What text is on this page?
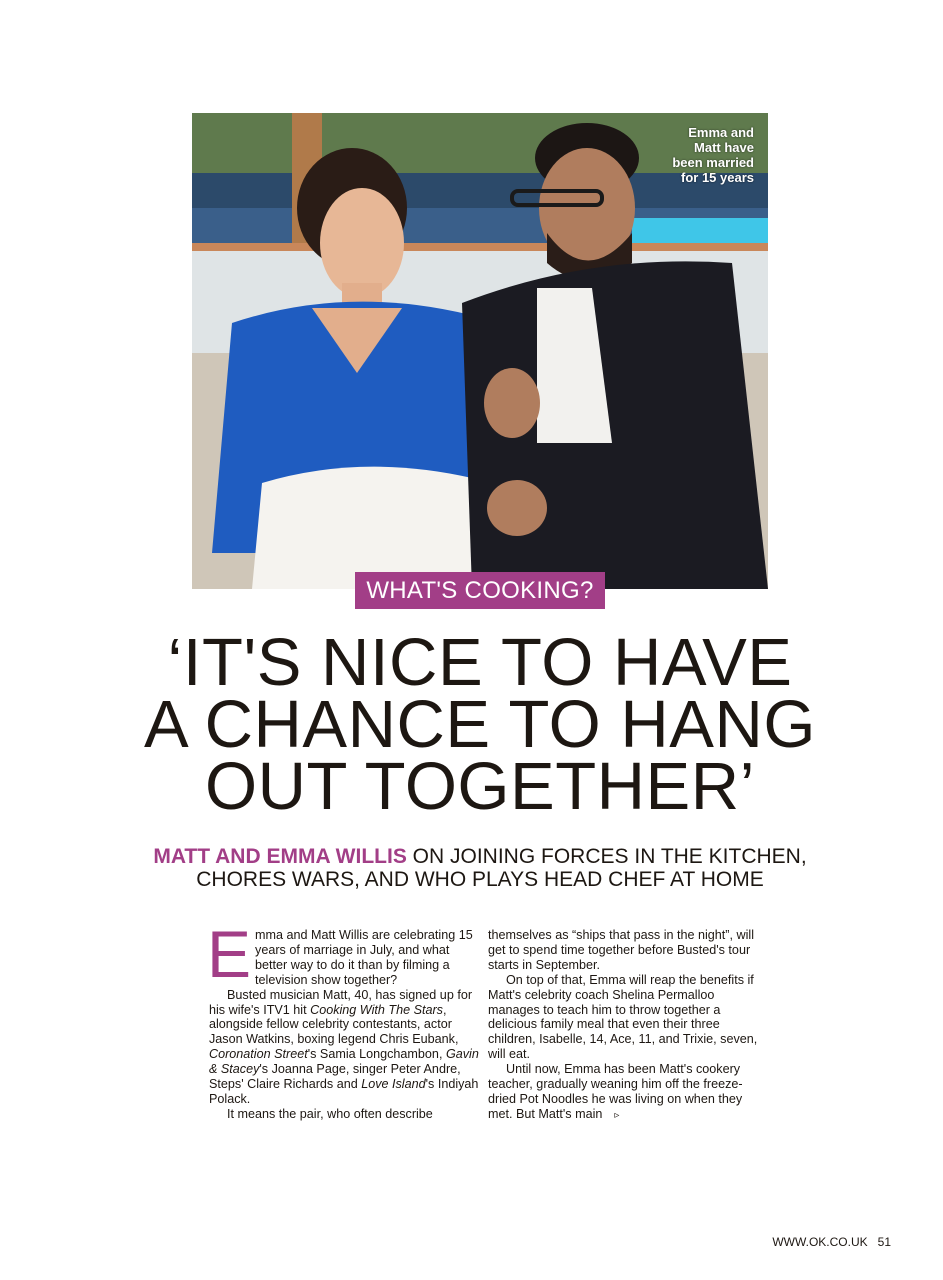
Emma and
Matt have
been married
for 15 years
WHAT'S COOKING?
‘IT'S NICE TO HAVE
A CHANCE TO HANG
OUT TOGETHER’
MATT AND EMMA WILLIS ON JOINING FORCES IN THE KITCHEN,
CHORES WARS, AND WHO PLAYS HEAD CHEF AT HOME

Emma and Matt Willis are celebrating 15 years of marriage in July, and what better way to do it than by filming a television show together?

Busted musician Matt, 40, has signed up for his wife's ITV1 hit Cooking With The Stars, alongside fellow celebrity contestants, actor Jason Watkins, boxing legend Chris Eubank, Coronation Street's Samia Longchambon, Gavin & Stacey's Joanna Page, singer Peter Andre, Steps' Claire Richards and Love Island's Indiyah Polack.

It means the pair, who often describe

themselves as “ships that pass in the night”, will get to spend time together before Busted's tour starts in September.

On top of that, Emma will reap the benefits if Matt's celebrity coach Shelina Permalloo manages to teach him to throw together a delicious family meal that even their three children, Isabelle, 14, Ace, 11, and Trixie, seven, will eat.

Until now, Emma has been Matt's cookery teacher, gradually weaning him off the freeze-dried Pot Noodles he was living on when they met. But Matt's main ▹

WWW.OK.CO.UK 51
